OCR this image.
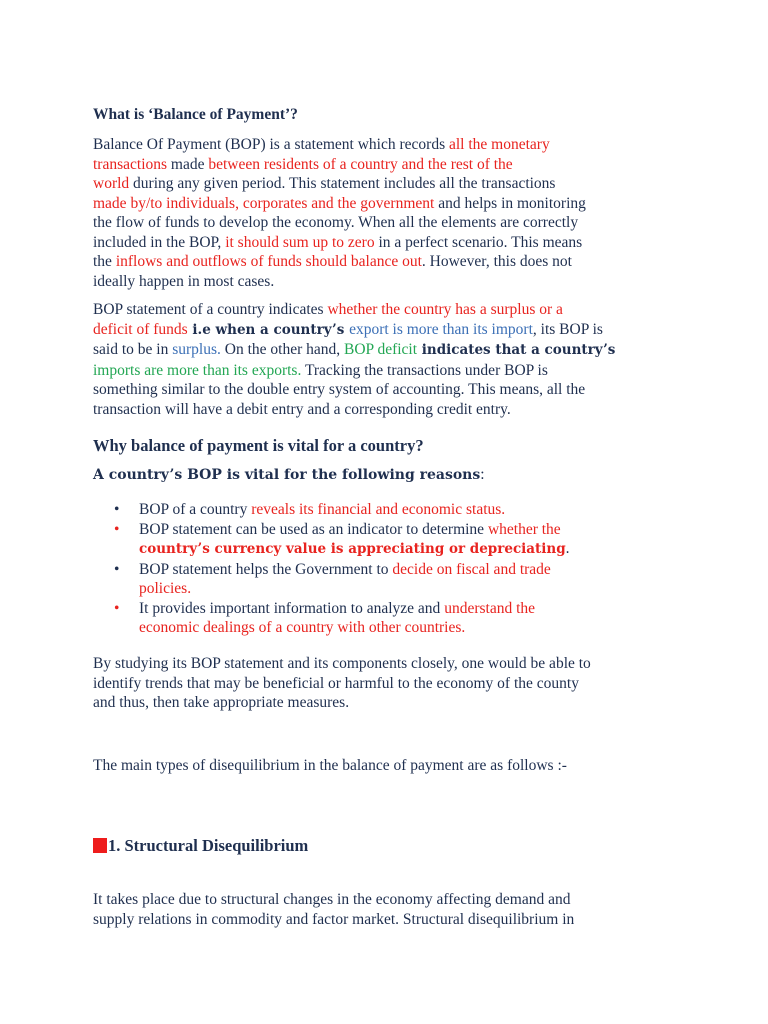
What is ‘Balance of Payment’?
Balance Of Payment (BOP) is a statement which records all the monetary
transactions made between residents of a country and the rest of the
world during any given period. This statement includes all the transactions
made by/to individuals, corporates and the government and helps in monitoring
the flow of funds to develop the economy. When all the elements are correctly
included in the BOP, it should sum up to zero in a perfect scenario. This means
the inflows and outflows of funds should balance out. However, this does not
ideally happen in most cases.
BOP statement of a country indicates whether the country has a surplus or a
deficit of funds i.e when a country’s export is more than its import, its BOP is
said to be in surplus. On the other hand, BOP deficit indicates that a country’s
imports are more than its exports. Tracking the transactions under BOP is
something similar to the double entry system of accounting. This means, all the
transaction will have a debit entry and a corresponding credit entry.
Why balance of payment is vital for a country?
A country’s BOP is vital for the following reasons:
• BOP of a country reveals its financial and economic status.
• BOP statement can be used as an indicator to determine whether the
country’s currency value is appreciating or depreciating.
• BOP statement helps the Government to decide on fiscal and trade
policies.
• It provides important information to analyze and understand the
economic dealings of a country with other countries.
By studying its BOP statement and its components closely, one would be able to
identify trends that may be beneficial or harmful to the economy of the county
and thus, then take appropriate measures.
The main types of disequilibrium in the balance of payment are as follows :-
1. Structural Disequilibrium
It takes place due to structural changes in the economy affecting demand and
supply relations in commodity and factor market. Structural disequilibrium in
